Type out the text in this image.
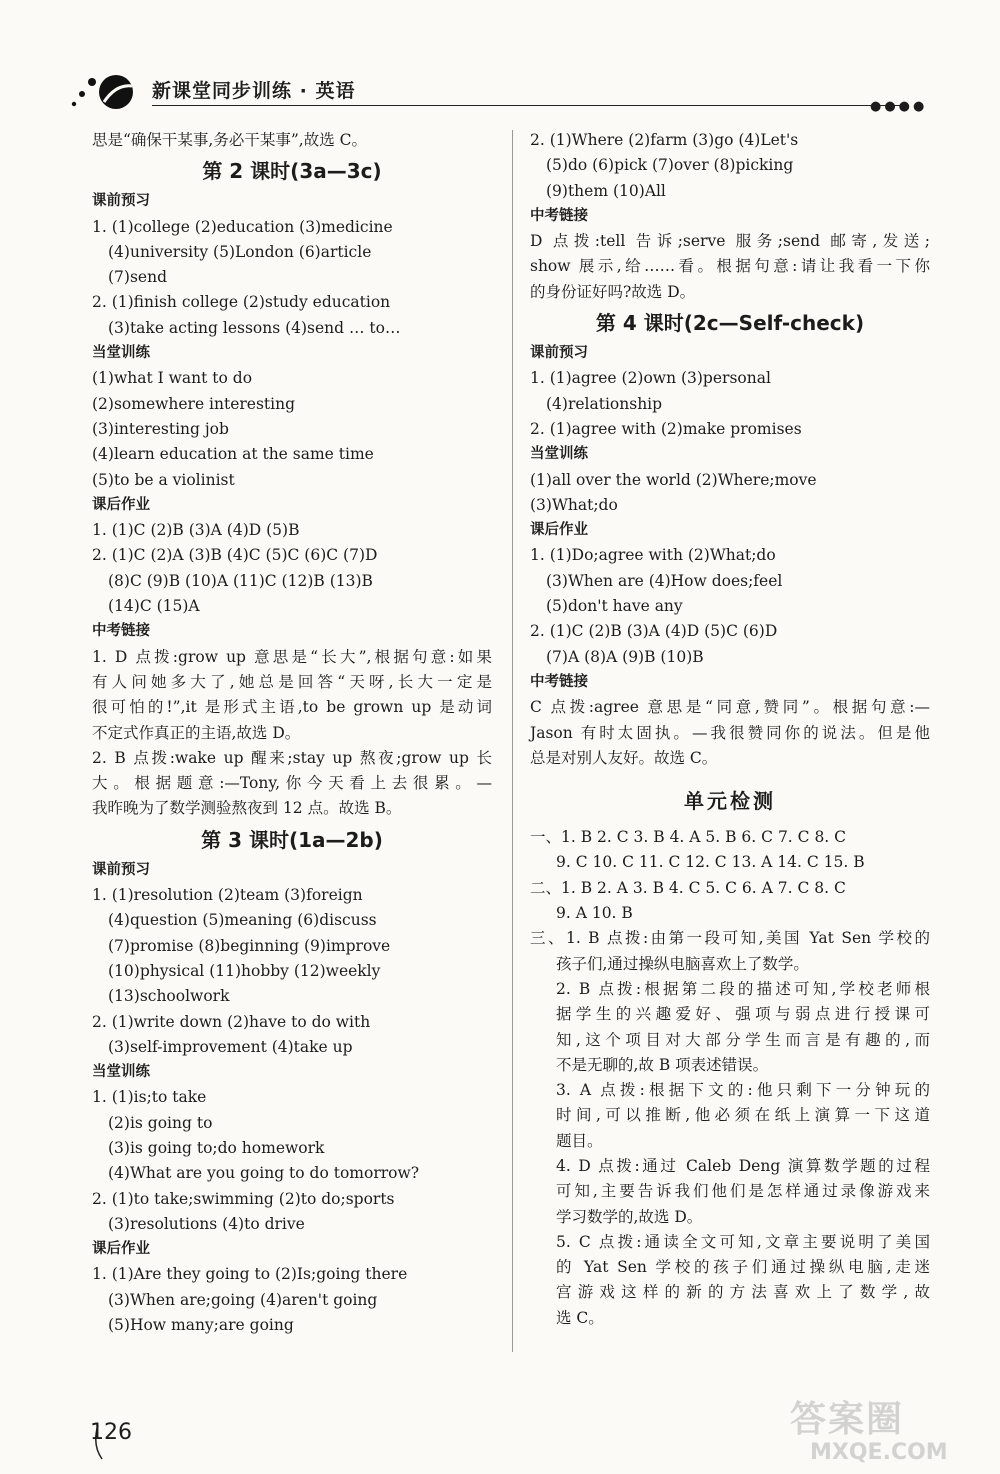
新课堂同步训练 · 英语
●●●●
思是“确保干某事,务必干某事”,故选 C。
第 2 课时(3a—3c)
课前预习
1. (1)college (2)education (3)medicine
(4)university (5)London (6)article
(7)send
2. (1)finish college (2)study education
(3)take acting lessons (4)send … to…
当堂训练
(1)what I want to do
(2)somewhere interesting
(3)interesting job
(4)learn education at the same time
(5)to be a violinist
课后作业
1. (1)C (2)B (3)A (4)D (5)B
2. (1)C (2)A (3)B (4)C (5)C (6)C (7)D
(8)C (9)B (10)A (11)C (12)B (13)B
(14)C (15)A
中考链接
1. D 点拨:grow up 意思是“长大”,根据句意:如果
有人问她多大了,她总是回答“天呀,长大一定是
很可怕的!”,it 是形式主语,to be grown up 是动词
不定式作真正的主语,故选 D。
2. B 点拨:wake up 醒来;stay up 熬夜;grow up 长
大。根据题意:—Tony,你今天看上去很累。—
我昨晚为了数学测验熬夜到 12 点。故选 B。
第 3 课时(1a—2b)
课前预习
1. (1)resolution (2)team (3)foreign
(4)question (5)meaning (6)discuss
(7)promise (8)beginning (9)improve
(10)physical (11)hobby (12)weekly
(13)schoolwork
2. (1)write down (2)have to do with
(3)self-improvement (4)take up
当堂训练
1. (1)is;to take
(2)is going to
(3)is going to;do homework
(4)What are you going to do tomorrow?
2. (1)to take;swimming (2)to do;sports
(3)resolutions (4)to drive
课后作业
1. (1)Are they going to (2)Is;going there
(3)When are;going (4)aren't going
(5)How many;are going
2. (1)Where (2)farm (3)go (4)Let's
(5)do (6)pick (7)over (8)picking
(9)them (10)All
中考链接
D 点拨:tell 告诉;serve 服务;send 邮寄,发送;
show 展示,给……看。根据句意:请让我看一下你
的身份证好吗?故选 D。
第 4 课时(2c—Self-check)
课前预习
1. (1)agree (2)own (3)personal
(4)relationship
2. (1)agree with (2)make promises
当堂训练
(1)all over the world (2)Where;move
(3)What;do
课后作业
1. (1)Do;agree with (2)What;do
(3)When are (4)How does;feel
(5)don't have any
2. (1)C (2)B (3)A (4)D (5)C (6)D
(7)A (8)A (9)B (10)B
中考链接
C 点拨:agree 意思是“同意,赞同”。根据句意:—
Jason 有时太固执。—我很赞同你的说法。但是他
总是对别人友好。故选 C。
单元检测
一、1. B 2. C 3. B 4. A 5. B 6. C 7. C 8. C
9. C 10. C 11. C 12. C 13. A 14. C 15. B
二、1. B 2. A 3. B 4. C 5. C 6. A 7. C 8. C
9. A 10. B
三、1. B 点拨:由第一段可知,美国 Yat Sen 学校的
孩子们,通过操纵电脑喜欢上了数学。
2. B 点拨:根据第二段的描述可知,学校老师根
据学生的兴趣爱好、强项与弱点进行授课可
知,这个项目对大部分学生而言是有趣的,而
不是无聊的,故 B 项表述错误。
3. A 点拨:根据下文的:他只剩下一分钟玩的
时间,可以推断,他必须在纸上演算一下这道
题目。
4. D 点拨:通过 Caleb Deng 演算数学题的过程
可知,主要告诉我们他们是怎样通过录像游戏来
学习数学的,故选 D。
5. C 点拨:通读全文可知,文章主要说明了美国
的 Yat Sen 学校的孩子们通过操纵电脑,走迷
宫游戏这样的新的方法喜欢上了数学,故
选 C。
126	答案圈
MXQE.COM
